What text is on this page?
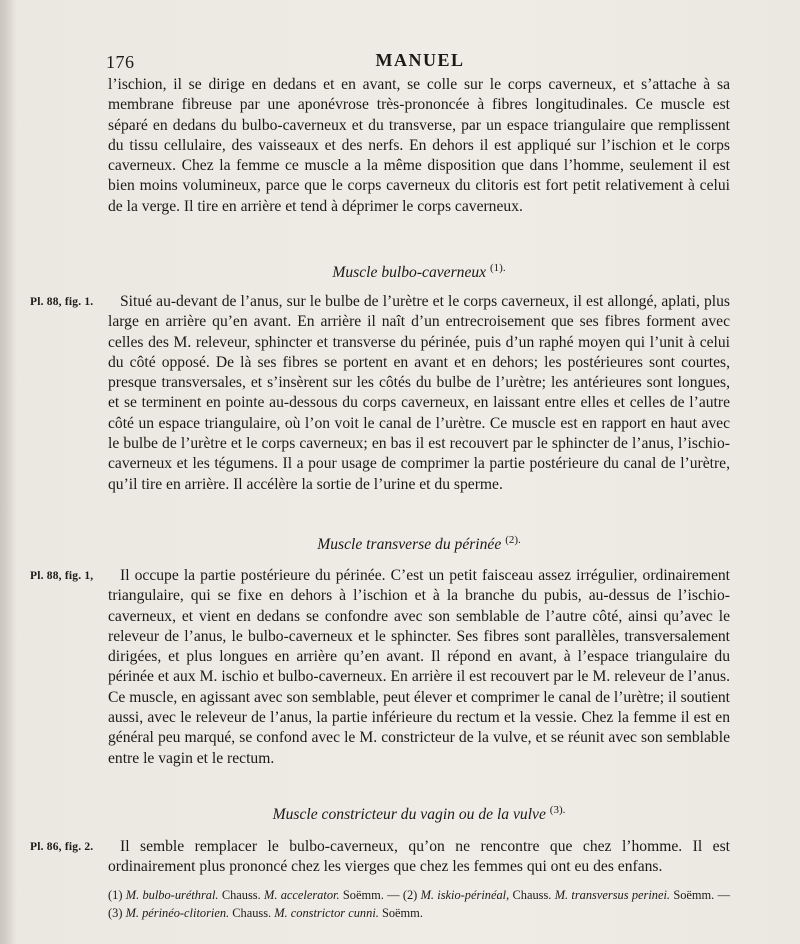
176	MANUEL
l’ischion, il se dirige en dedans et en avant, se colle sur le corps caverneux, et s’attache à sa membrane fibreuse par une aponévrose très-prononcée à fibres longitudinales. Ce muscle est séparé en dedans du bulbo-caverneux et du transverse, par un espace triangulaire que remplissent du tissu cellulaire, des vaisseaux et des nerfs. En dehors il est appliqué sur l’ischion et le corps caverneux. Chez la femme ce muscle a la même disposition que dans l’homme, seulement il est bien moins volumineux, parce que le corps caverneux du clitoris est fort petit relativement à celui de la verge. Il tire en arrière et tend à déprimer le corps caverneux.
Muscle bulbo-caverneux $^{(1).}$
Pl. 88, fig. 1.	Situé au-devant de l’anus, sur le bulbe de l’urètre et le corps caverneux, il est allongé, aplati, plus large en arrière qu’en avant. En arrière il naît d’un entrecroisement que ses fibres forment avec celles des M. releveur, sphincter et transverse du périnée, puis d’un raphé moyen qui l’unit à celui du côté opposé. De là ses fibres se portent en avant et en dehors; les postérieures sont courtes, presque transversales, et s’insèrent sur les côtés du bulbe de l’urètre; les antérieures sont longues, et se terminent en pointe au-dessous du corps caverneux, en laissant entre elles et celles de l’autre côté un espace triangulaire, où l’on voit le canal de l’urètre. Ce muscle est en rapport en haut avec le bulbe de l’urètre et le corps caverneux; en bas il est recouvert par le sphincter de l’anus, l’ischio-caverneux et les tégumens. Il a pour usage de comprimer la partie postérieure du canal de l’urètre, qu’il tire en arrière. Il accélère la sortie de l’urine et du sperme.
Muscle transverse du périnée $^{(2).}$
Pl. 88, fig. 1,	Il occupe la partie postérieure du périnée. C’est un petit faisceau assez irrégulier, ordinairement triangulaire, qui se fixe en dehors à l’ischion et à la branche du pubis, au-dessus de l’ischio-caverneux, et vient en dedans se confondre avec son semblable de l’autre côté, ainsi qu’avec le releveur de l’anus, le bulbo-caverneux et le sphincter. Ses fibres sont parallèles, transversalement dirigées, et plus longues en arrière qu’en avant. Il répond en avant, à l’espace triangulaire du périnée et aux M. ischio et bulbo-caverneux. En arrière il est recouvert par le M. releveur de l’anus. Ce muscle, en agissant avec son semblable, peut élever et comprimer le canal de l’urètre; il soutient aussi, avec le releveur de l’anus, la partie inférieure du rectum et la vessie. Chez la femme il est en général peu marqué, se confond avec le M. constricteur de la vulve, et se réunit avec son semblable entre le vagin et le rectum.
Muscle constricteur du vagin ou de la vulve $^{(3).}$
Pl. 86, fig. 2.	Il semble remplacer le bulbo-caverneux, qu’on ne rencontre que chez l’homme. Il est ordinairement plus prononcé chez les vierges que chez les femmes qui ont eu des enfans.
(1) M. bulbo-uréthral. Chauss. M. accelerator. Soëmm. — (2) M. iskio-périnéal, Chauss. M. transversus perinei. Soëmm. — (3) M. périnéo-clitorien. Chauss. M. constrictor cunni. Soëmm.
